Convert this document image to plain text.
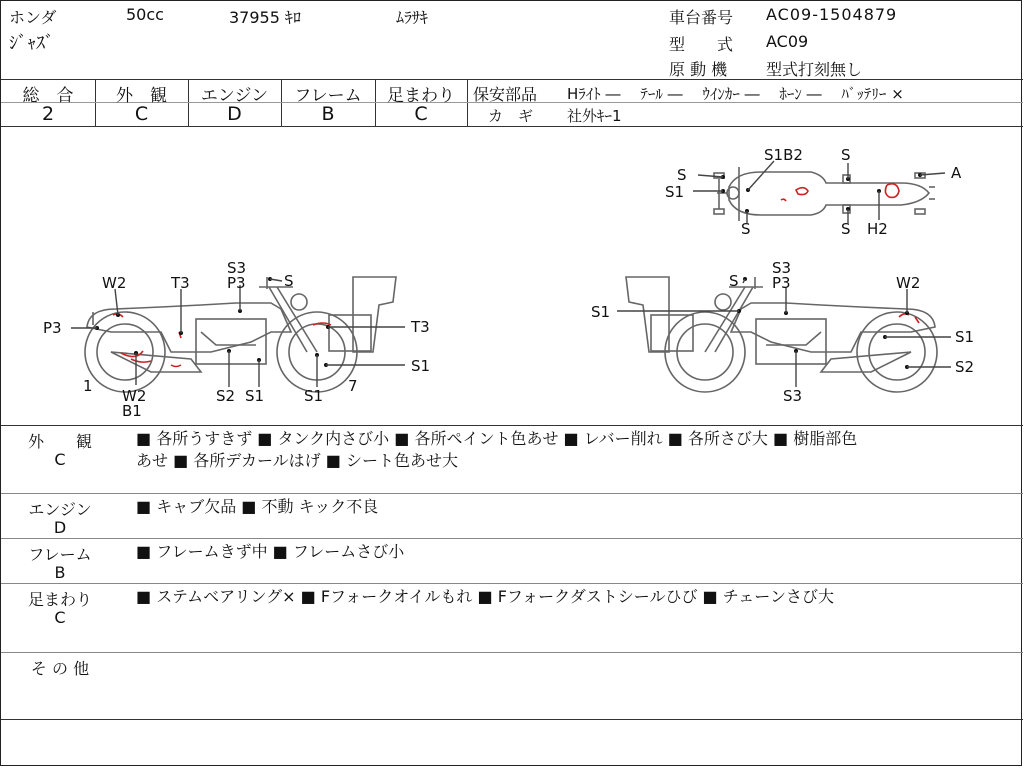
ホンダ	50cc	37955 ｷﾛ	ﾑﾗｻｷ
ｼﾞｬｽﾞ
車台番号 AC09-1504879
型　　式 AC09
原 動 機 型式打刻無し
総　合	外　観	エンジン	フレーム	足まわり
2	C	D	B	C
保安部品 Hﾗｲﾄ ―　 ﾃｰﾙ ―　 ｳｲﾝｶｰ ―　 ﾎｰﾝ ―　 ﾊﾞｯﾃﾘｰ ×
カ　ギ 社外ｷｰ1
S
S1
S
S1B2	S
A
S H2
S3
P3	S
W2	T3
P3	T3
S1
1
W2
B1
S2 S1	S1
7
S
S3
P3	W2
S1
S1
S2
S3
外　　観
C
■ 各所うすきず ■ タンク内さび小 ■ 各所ペイント色あせ ■ レバー削れ ■ 各所さび大 ■ 樹脂部色
あせ ■ 各所デカールはげ ■ シート色あせ大
エンジン
D
■ キャブ欠品 ■ 不動 キック不良
フレーム
B
■ フレームきず中 ■ フレームさび小
足まわり
C
■ ステムベアリング× ■ Fフォークオイルもれ ■ Fフォークダストシールひび ■ チェーンさび大
そ の 他
